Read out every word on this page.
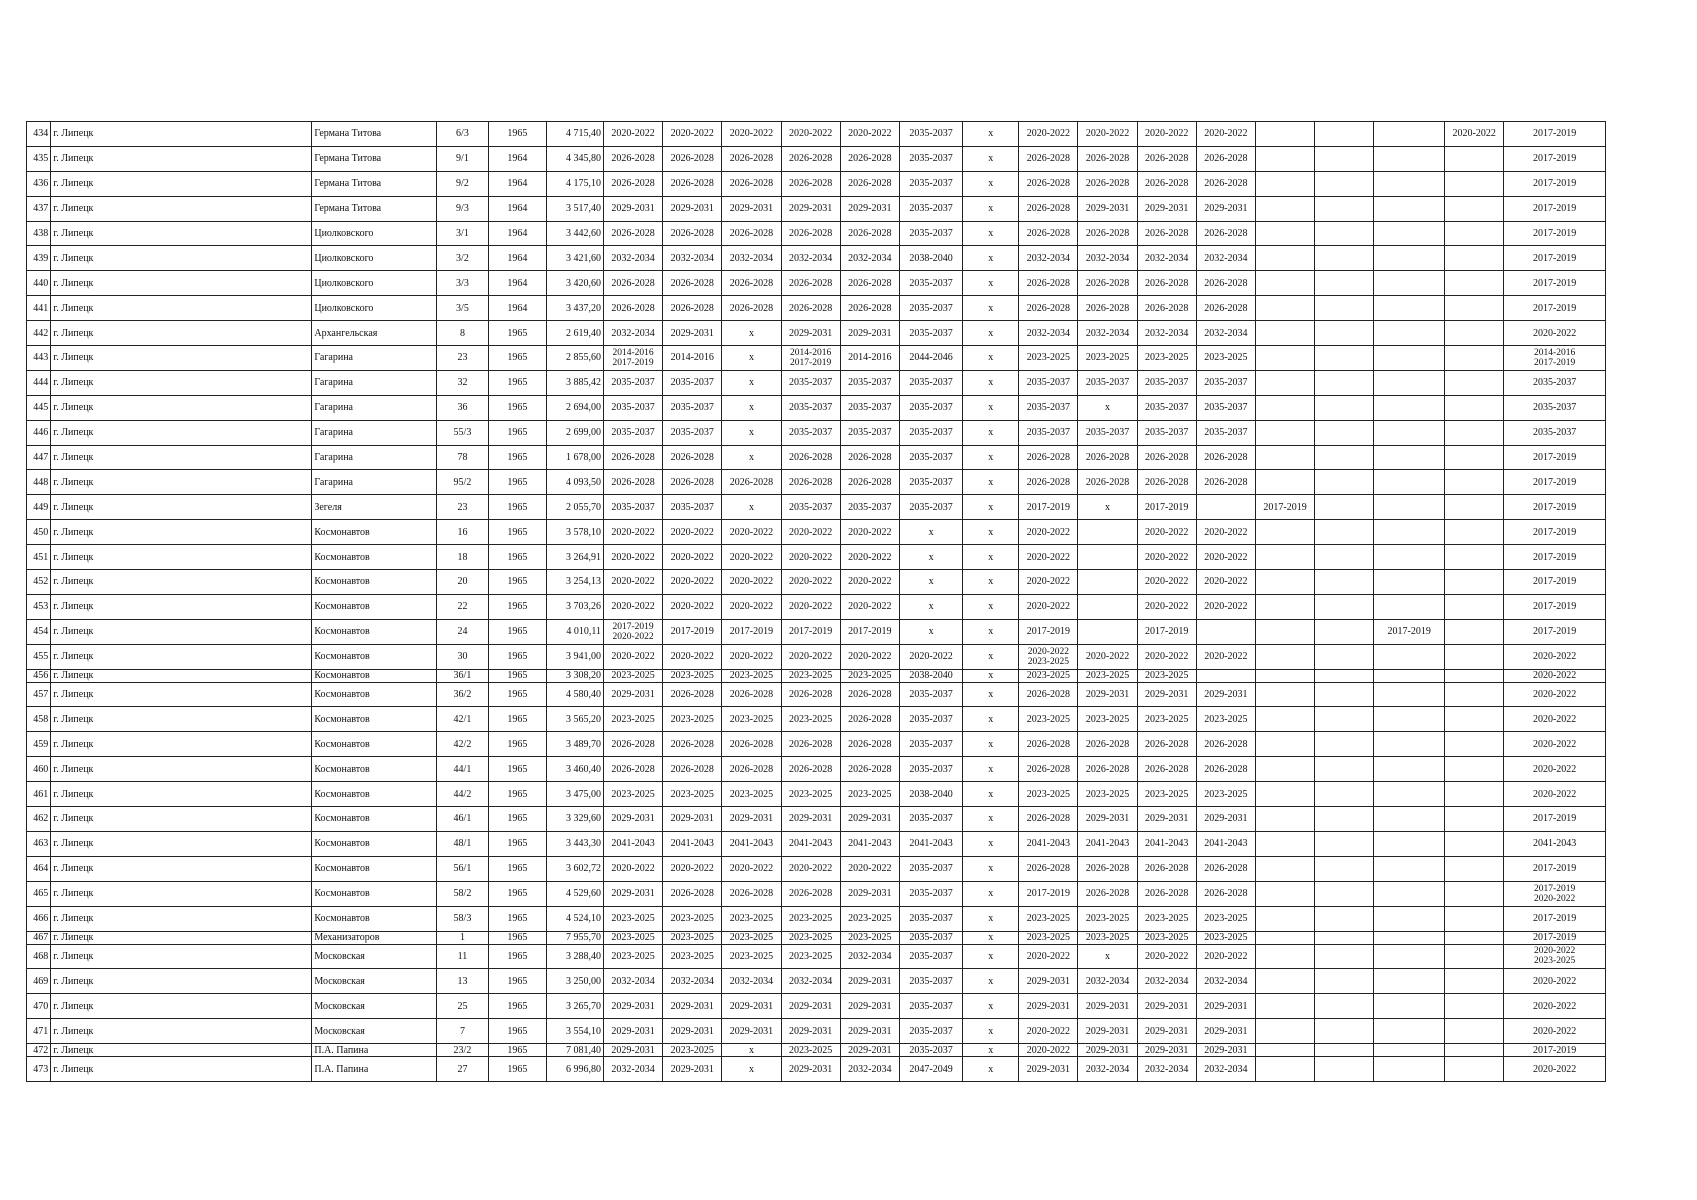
434	г. Липецк	Германа Титова	6/3	1965	4 715,40	2020-2022	2020-2022	2020-2022	2020-2022	2020-2022	2035-2037	х	2020-2022	2020-2022	2020-2022	2020-2022				2020-2022	2017-2019
435	г. Липецк	Германа Титова	9/1	1964	4 345,80	2026-2028	2026-2028	2026-2028	2026-2028	2026-2028	2035-2037	х	2026-2028	2026-2028	2026-2028	2026-2028					2017-2019
436	г. Липецк	Германа Титова	9/2	1964	4 175,10	2026-2028	2026-2028	2026-2028	2026-2028	2026-2028	2035-2037	х	2026-2028	2026-2028	2026-2028	2026-2028					2017-2019
437	г. Липецк	Германа Титова	9/3	1964	3 517,40	2029-2031	2029-2031	2029-2031	2029-2031	2029-2031	2035-2037	х	2026-2028	2029-2031	2029-2031	2029-2031					2017-2019
438	г. Липецк	Циолковского	3/1	1964	3 442,60	2026-2028	2026-2028	2026-2028	2026-2028	2026-2028	2035-2037	х	2026-2028	2026-2028	2026-2028	2026-2028					2017-2019
439	г. Липецк	Циолковского	3/2	1964	3 421,60	2032-2034	2032-2034	2032-2034	2032-2034	2032-2034	2038-2040	х	2032-2034	2032-2034	2032-2034	2032-2034					2017-2019
440	г. Липецк	Циолковского	3/3	1964	3 420,60	2026-2028	2026-2028	2026-2028	2026-2028	2026-2028	2035-2037	х	2026-2028	2026-2028	2026-2028	2026-2028					2017-2019
441	г. Липецк	Циолковского	3/5	1964	3 437,20	2026-2028	2026-2028	2026-2028	2026-2028	2026-2028	2035-2037	х	2026-2028	2026-2028	2026-2028	2026-2028					2017-2019
442	г. Липецк	Архангельская	8	1965	2 619,40	2032-2034	2029-2031	х	2029-2031	2029-2031	2035-2037	х	2032-2034	2032-2034	2032-2034	2032-2034					2020-2022
443	г. Липецк	Гагарина	23	1965	2 855,60	2014-2016
2017-2019	2014-2016	х	2014-2016
2017-2019	2014-2016	2044-2046	х	2023-2025	2023-2025	2023-2025	2023-2025					2014-2016
2017-2019

444	г. Липецк	Гагарина	32	1965	3 885,42	2035-2037	2035-2037	х	2035-2037	2035-2037	2035-2037	х	2035-2037	2035-2037	2035-2037	2035-2037					2035-2037
445	г. Липецк	Гагарина	36	1965	2 694,00	2035-2037	2035-2037	х	2035-2037	2035-2037	2035-2037	х	2035-2037	х	2035-2037	2035-2037					2035-2037
446	г. Липецк	Гагарина	55/3	1965	2 699,00	2035-2037	2035-2037	х	2035-2037	2035-2037	2035-2037	х	2035-2037	2035-2037	2035-2037	2035-2037					2035-2037
447	г. Липецк	Гагарина	78	1965	1 678,00	2026-2028	2026-2028	х	2026-2028	2026-2028	2035-2037	х	2026-2028	2026-2028	2026-2028	2026-2028					2017-2019
448	г. Липецк	Гагарина	95/2	1965	4 093,50	2026-2028	2026-2028	2026-2028	2026-2028	2026-2028	2035-2037	х	2026-2028	2026-2028	2026-2028	2026-2028					2017-2019
449	г. Липецк	Зегеля	23	1965	2 055,70	2035-2037	2035-2037	х	2035-2037	2035-2037	2035-2037	х	2017-2019	х	2017-2019		2017-2019				2017-2019
450	г. Липецк	Космонавтов	16	1965	3 578,10	2020-2022	2020-2022	2020-2022	2020-2022	2020-2022	х	х	2020-2022		2020-2022	2020-2022					2017-2019
451	г. Липецк	Космонавтов	18	1965	3 264,91	2020-2022	2020-2022	2020-2022	2020-2022	2020-2022	х	х	2020-2022		2020-2022	2020-2022					2017-2019
452	г. Липецк	Космонавтов	20	1965	3 254,13	2020-2022	2020-2022	2020-2022	2020-2022	2020-2022	х	х	2020-2022		2020-2022	2020-2022					2017-2019
453	г. Липецк	Космонавтов	22	1965	3 703,26	2020-2022	2020-2022	2020-2022	2020-2022	2020-2022	х	х	2020-2022		2020-2022	2020-2022					2017-2019
454	г. Липецк	Космонавтов	24	1965	4 010,11	2017-2019
2020-2022	2017-2019	2017-2019	2017-2019	2017-2019	х	х	2017-2019		2017-2019				2017-2019		2017-2019
455	г. Липецк	Космонавтов	30	1965	3 941,00	2020-2022	2020-2022	2020-2022	2020-2022	2020-2022	2020-2022	х	2020-2022
2023-2025	2020-2022	2020-2022	2020-2022					2020-2022
456	г. Липецк	Космонавтов	36/1	1965	3 308,20	2023-2025	2023-2025	2023-2025	2023-2025	2023-2025	2038-2040	х	2023-2025	2023-2025	2023-2025						2020-2022
457	г. Липецк	Космонавтов	36/2	1965	4 580,40	2029-2031	2026-2028	2026-2028	2026-2028	2026-2028	2035-2037	х	2026-2028	2029-2031	2029-2031	2029-2031					2020-2022
458	г. Липецк	Космонавтов	42/1	1965	3 565,20	2023-2025	2023-2025	2023-2025	2023-2025	2026-2028	2035-2037	х	2023-2025	2023-2025	2023-2025	2023-2025					2020-2022
459	г. Липецк	Космонавтов	42/2	1965	3 489,70	2026-2028	2026-2028	2026-2028	2026-2028	2026-2028	2035-2037	х	2026-2028	2026-2028	2026-2028	2026-2028					2020-2022
460	г. Липецк	Космонавтов	44/1	1965	3 460,40	2026-2028	2026-2028	2026-2028	2026-2028	2026-2028	2035-2037	х	2026-2028	2026-2028	2026-2028	2026-2028					2020-2022
461	г. Липецк	Космонавтов	44/2	1965	3 475,00	2023-2025	2023-2025	2023-2025	2023-2025	2023-2025	2038-2040	х	2023-2025	2023-2025	2023-2025	2023-2025					2020-2022
462	г. Липецк	Космонавтов	46/1	1965	3 329,60	2029-2031	2029-2031	2029-2031	2029-2031	2029-2031	2035-2037	х	2026-2028	2029-2031	2029-2031	2029-2031					2017-2019
463	г. Липецк	Космонавтов	48/1	1965	3 443,30	2041-2043	2041-2043	2041-2043	2041-2043	2041-2043	2041-2043	х	2041-2043	2041-2043	2041-2043	2041-2043					2041-2043
464	г. Липецк	Космонавтов	56/1	1965	3 602,72	2020-2022	2020-2022	2020-2022	2020-2022	2020-2022	2035-2037	х	2026-2028	2026-2028	2026-2028	2026-2028					2017-2019
465	г. Липецк	Космонавтов	58/2	1965	4 529,60	2029-2031	2026-2028	2026-2028	2026-2028	2029-2031	2035-2037	х	2017-2019	2026-2028	2026-2028	2026-2028					2017-2019
2020-2022

466	г. Липецк	Космонавтов	58/3	1965	4 524,10	2023-2025	2023-2025	2023-2025	2023-2025	2023-2025	2035-2037	х	2023-2025	2023-2025	2023-2025	2023-2025					2017-2019
467	г. Липецк	Механизаторов	1	1965	7 955,70	2023-2025	2023-2025	2023-2025	2023-2025	2023-2025	2035-2037	х	2023-2025	2023-2025	2023-2025	2023-2025					2017-2019
468	г. Липецк	Московская	11	1965	3 288,40	2023-2025	2023-2025	2023-2025	2023-2025	2032-2034	2035-2037	х	2020-2022	х	2020-2022	2020-2022					2020-2022
2023-2025

469	г. Липецк	Московская	13	1965	3 250,00	2032-2034	2032-2034	2032-2034	2032-2034	2029-2031	2035-2037	х	2029-2031	2032-2034	2032-2034	2032-2034					2020-2022
470	г. Липецк	Московская	25	1965	3 265,70	2029-2031	2029-2031	2029-2031	2029-2031	2029-2031	2035-2037	х	2029-2031	2029-2031	2029-2031	2029-2031					2020-2022
471	г. Липецк	Московская	7	1965	3 554,10	2029-2031	2029-2031	2029-2031	2029-2031	2029-2031	2035-2037	х	2020-2022	2029-2031	2029-2031	2029-2031					2020-2022
472	г. Липецк	П.А. Папина	23/2	1965	7 081,40	2029-2031	2023-2025	х	2023-2025	2029-2031	2035-2037	х	2020-2022	2029-2031	2029-2031	2029-2031					2017-2019
473	г. Липецк	П.А. Папина	27	1965	6 996,80	2032-2034	2029-2031	х	2029-2031	2032-2034	2047-2049	х	2029-2031	2032-2034	2032-2034	2032-2034					2020-2022
